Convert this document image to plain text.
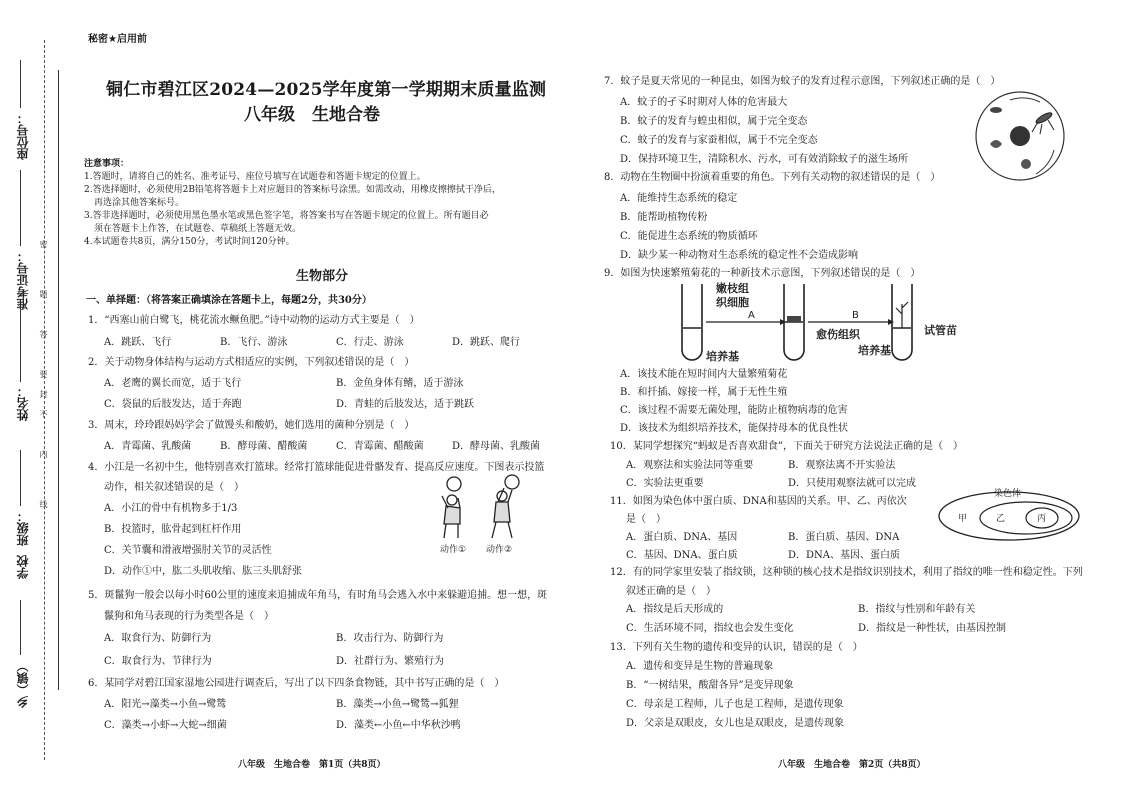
座位号：
准考证号：
姓名：
班级：
学校
乡（镇）
密
题
答
要
封
不
内
线
秘密★启用前
铜仁市碧江区2024—2025学年度第一学期期末质量监测
八年级　生地合卷
注意事项：
1.答题时，请将自己的姓名、准考证号、座位号填写在试题卷和答题卡规定的位置上。
2.答选择题时，必须使用2B铅笔将答题卡上对应题目的答案标号涂黑。如需改动，用橡皮擦擦拭干净后，
再选涂其他答案标号。
3.答非选择题时，必须使用黑色墨水笔或黑色签字笔，将答案书写在答题卡规定的位置上。所有题目必
须在答题卡上作答，在试题卷、草稿纸上答题无效。
4.本试题卷共8页，满分150分，考试时间120分钟。
生物部分
一、单择题：（将答案正确填涂在答题卡上，每题2分，共30分）
1．“西塞山前白鹭飞，桃花流水鳜鱼肥。”诗中动物的运动方式主要是（　）
A．跳跃、飞行	B．飞行、游泳	C．行走、游泳	D．跳跃、爬行
2．关于动物身体结构与运动方式相适应的实例，下列叙述错误的是（　）
A．老鹰的翼长而宽，适于飞行	B．金鱼身体有鳍，适于游泳
C．袋鼠的后肢发达，适于奔跑	D．青蛙的后肢发达，适于跳跃
3．周末，玲玲跟妈妈学会了做馒头和酸奶，她们选用的菌种分别是（　）
A．青霉菌、乳酸菌	B．酵母菌、醋酸菌	C．青霉菌、醋酸菌	D．酵母菌、乳酸菌
4．小江是一名初中生，他特别喜欢打篮球。经常打篮球能促进骨骼发育、提高反应速度。下图表示投篮
动作，相关叙述错误的是（　）
A．小江的骨中有机物多于1/3
B．投篮时，肱骨起到杠杆作用
C．关节囊和滑液增强肘关节的灵活性
D．动作①中，肱二头肌收缩、肱三头肌舒张
动作① 动作②
5．斑鬣狗一般会以每小时60公里的速度来追捕成年角马，有时角马会逃入水中来躲避追捕。想一想，斑
鬣狗和角马表现的行为类型各是（　）
A．取食行为、防御行为	B．攻击行为、防御行为
C．取食行为、节律行为	D．社群行为、繁殖行为
6．某同学对碧江国家湿地公园进行调查后，写出了以下四条食物链，其中书写正确的是（　）
A．阳光→藻类→小鱼→鹭鸶	B．藻类→小鱼→鹭鸶→狐狸
C．藻类→小虾→大蛇→细菌	D．藻类←小鱼←中华秋沙鸭
八年级　生地合卷　第1页（共8页）
7．蚊子是夏天常见的一种昆虫，如图为蚊子的发育过程示意图，下列叙述正确的是（　）
A．蚊子的孑孓时期对人体的危害最大
B．蚊子的发育与蝗虫相似，属于完全变态
C．蚊子的发育与家蚕相似，属于不完全变态
D．保持环境卫生，清除积水、污水，可有效消除蚊子的滋生场所
8．动物在生物圈中扮演着重要的角色。下列有关动物的叙述错误的是（　）
A．能维持生态系统的稳定
B．能帮助植物传粉
C．能促进生态系统的物质循环
D．缺少某一种动物对生态系统的稳定性不会造成影响
9．如图为快速繁殖菊花的一种新技术示意图，下列叙述错误的是（　）
嫩枝组
织细胞
A
愈伤组织
B
培养基	培养基
试管苗
A．该技术能在短时间内大量繁殖菊花
B．和扦插、嫁接一样，属于无性生殖
C．该过程不需要无菌处理，能防止植物病毒的危害
D．该技术为组织培养技术，能保持母本的优良性状
10．某同学想探究“蚂蚁是否喜欢甜食”，下面关于研究方法说法正确的是（　）
A．观察法和实验法同等重要	B．观察法离不开实验法
C．实验法更重要	D．只使用观察法就可以完成
11．如图为染色体中蛋白质、DNA和基因的关系。甲、乙、丙依次
是（　）
A．蛋白质、DNA、基因	B．蛋白质、基因、DNA
C．基因、DNA、蛋白质	D．DNA、基因、蛋白质
染色体
甲	乙	丙
12．有的同学家里安装了指纹锁，这种锁的核心技术是指纹识别技术，利用了指纹的唯一性和稳定性。下列
叙述正确的是（　）
A．指纹是后天形成的	B．指纹与性别和年龄有关
C．生活环境不同，指纹也会发生变化	D．指纹是一种性状，由基因控制
13．下列有关生物的遗传和变异的认识，错误的是（　）
A．遗传和变异是生物的普遍现象
B．“一树结果，酸甜各异”是变异现象
C．母亲是工程师，儿子也是工程师，是遗传现象
D．父亲是双眼皮，女儿也是双眼皮，是遗传现象
八年级　生地合卷　第2页（共8页）
